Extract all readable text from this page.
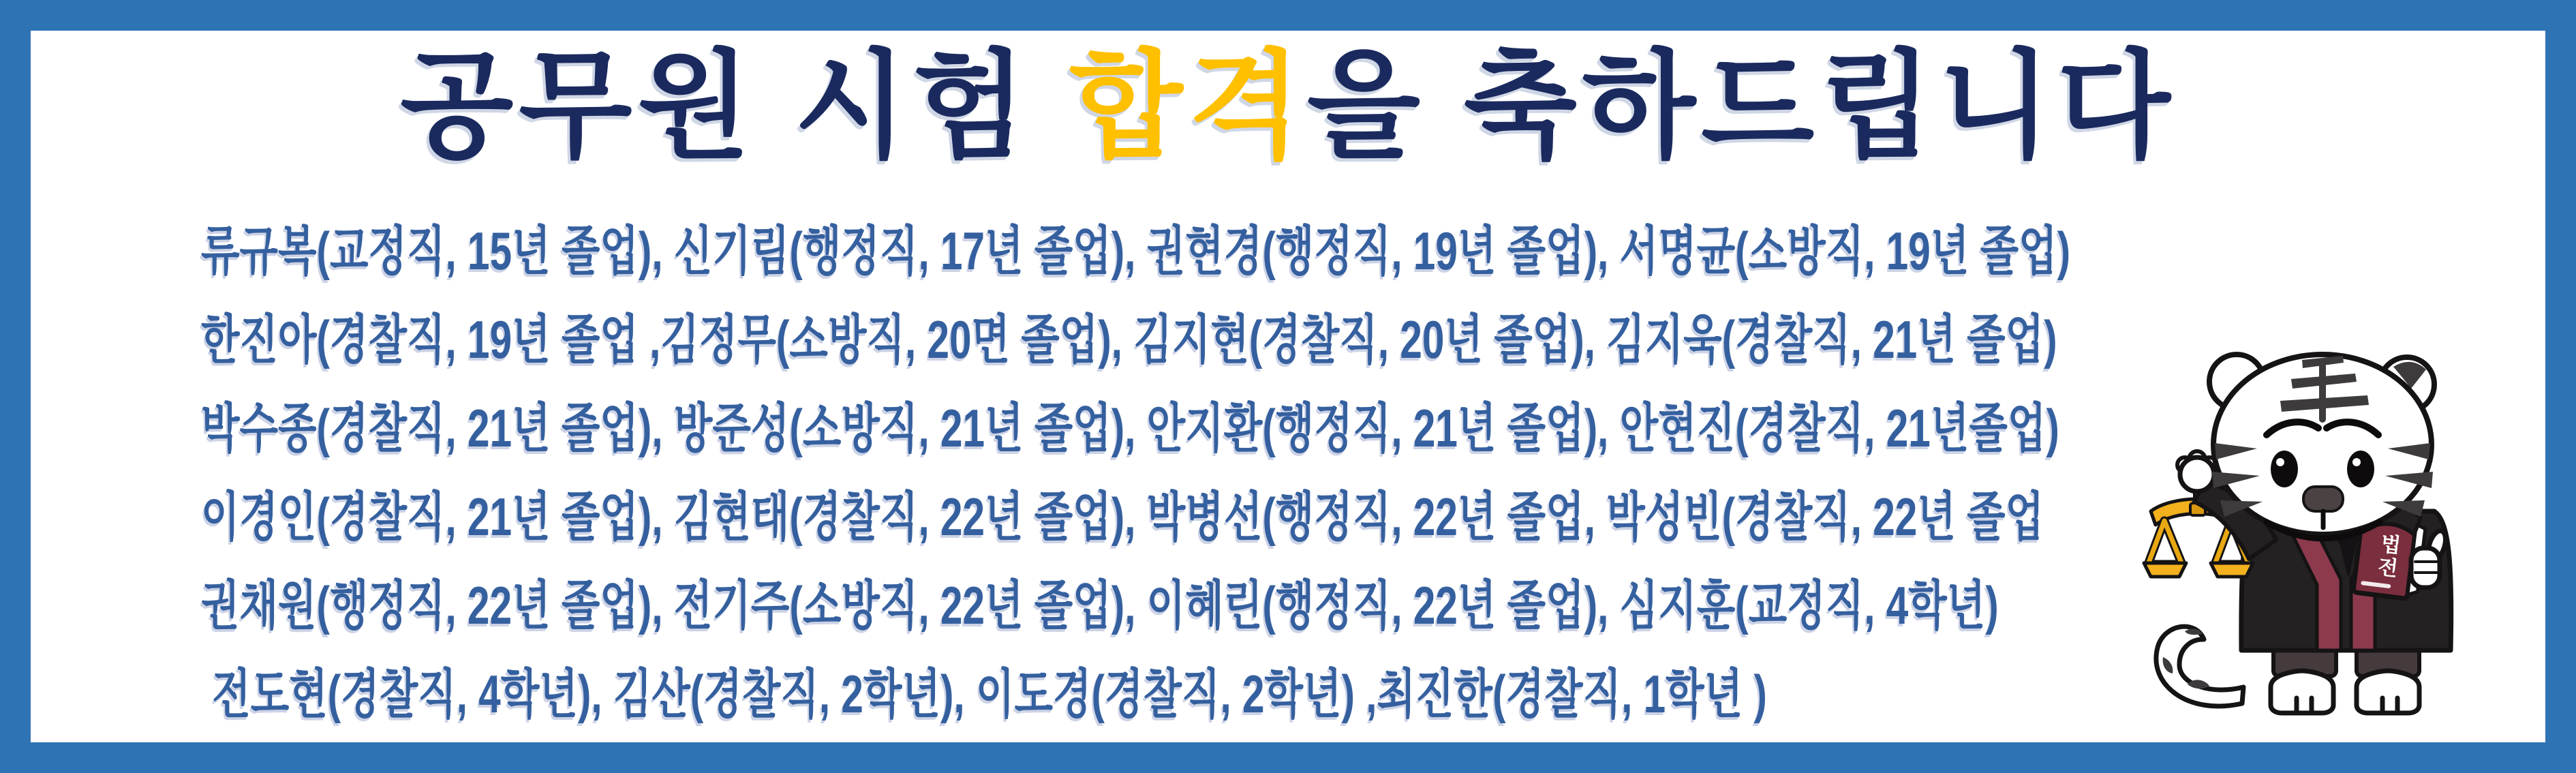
공무원 시험 합격을 축하드립니다
류규복(교정직, 15년 졸업), 신기림(행정직, 17년 졸업), 권현경(행정직, 19년 졸업), 서명균(소방직, 19년 졸업)
한진아(경찰직, 19년 졸업 ,김정무(소방직, 20면 졸업), 김지현(경찰직, 20년 졸업), 김지욱(경찰직, 21년 졸업)
박수종(경찰직, 21년 졸업), 방준성(소방직, 21년 졸업), 안지환(행정직, 21년 졸업), 안현진(경찰직, 21년졸업)
이경인(경찰직, 21년 졸업), 김현태(경찰직, 22년 졸업), 박병선(행정직, 22년 졸업, 박성빈(경찰직, 22년 졸업
권채원(행정직, 22년 졸업), 전기주(소방직, 22년 졸업), 이혜린(행정직, 22년 졸업), 심지훈(교정직, 4학년)
전도현(경찰직, 4학년), 김산(경찰직, 2학년), 이도경(경찰직, 2학년) ,최진한(경찰직, 1학년 )
법전
